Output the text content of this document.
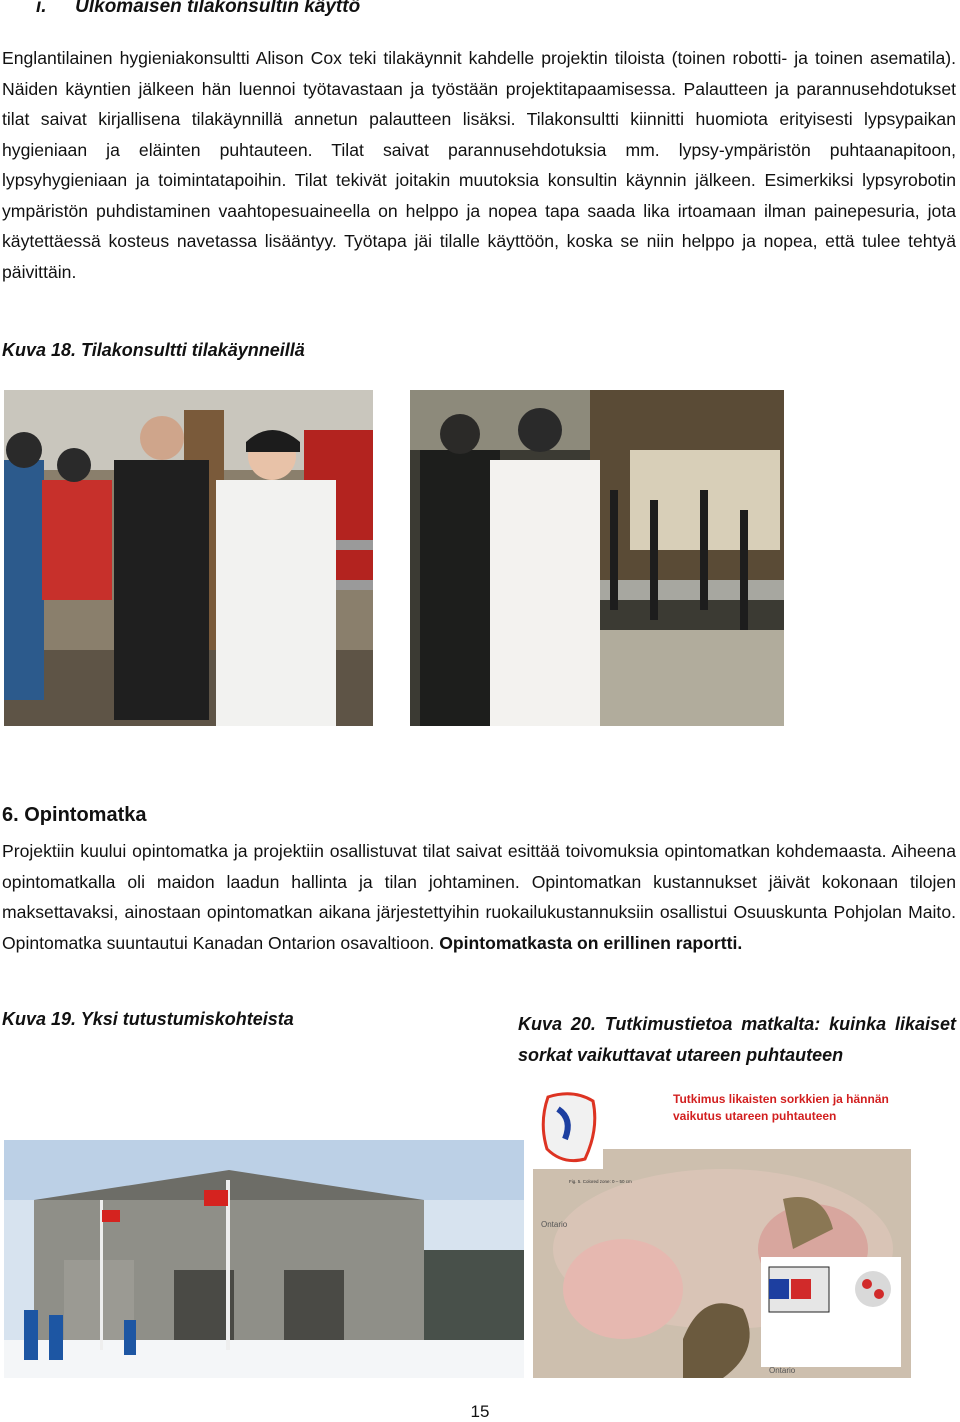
i. Ulkomaisen tilakonsultin käyttö

Englantilainen hygieniakonsultti Alison Cox teki tilakäynnit kahdelle projektin tiloista (toinen robotti- ja toinen asematila). Näiden käyntien jälkeen hän luennoi työtavastaan ja työstään projektitapaamisessa. Palautteen ja parannusehdotukset tilat saivat kirjallisena tilakäynnillä annetun palautteen lisäksi. Tilakonsultti kiinnitti huomiota erityisesti lypsypaikan hygieniaan ja eläinten puhtauteen. Tilat saivat parannusehdotuksia mm. lypsy-ympäristön puhtaanapitoon, lypsyhygieniaan ja toimintatapoihin. Tilat tekivät joitakin muutoksia konsultin käynnin jälkeen. Esimerkiksi lypsyrobotin ympäristön puhdistaminen vaahtopesuaineella on helppo ja nopea tapa saada lika irtoamaan ilman painepesuria, jota käytettäessä kosteus navetassa lisääntyy. Työtapa jäi tilalle käyttöön, koska se niin helppo ja nopea, että tulee tehtyä päivittäin.

Kuva 18. Tilakonsultti tilakäynneillä
6. Opintomatka

Projektiin kuului opintomatka ja projektiin osallistuvat tilat saivat esittää toivomuksia opintomatkan kohdemaasta. Aiheena opintomatkalla oli maidon laadun hallinta ja tilan johtaminen. Opintomatkan kustannukset jäivät kokonaan tilojen maksettavaksi, ainostaan opintomatkan aikana järjestettyihin ruokailukustannuksiin osallistui Osuuskunta Pohjolan Maito. Opintomatka suuntautui Kanadan Ontarion osavaltioon. Opintomatkasta on erillinen raportti.

Kuva 19. Yksi tutustumiskohteista	Kuva 20. Tutkimustietoa matkalta: kuinka likaiset sorkat vaikuttavat utareen puhtauteen
Tutkimus likaisten sorkkien ja hännän
vaikutus utareen puhtauteen
Fig. 5. Colored zone: 0 – 50 cm
Ontario
Ontario
15
